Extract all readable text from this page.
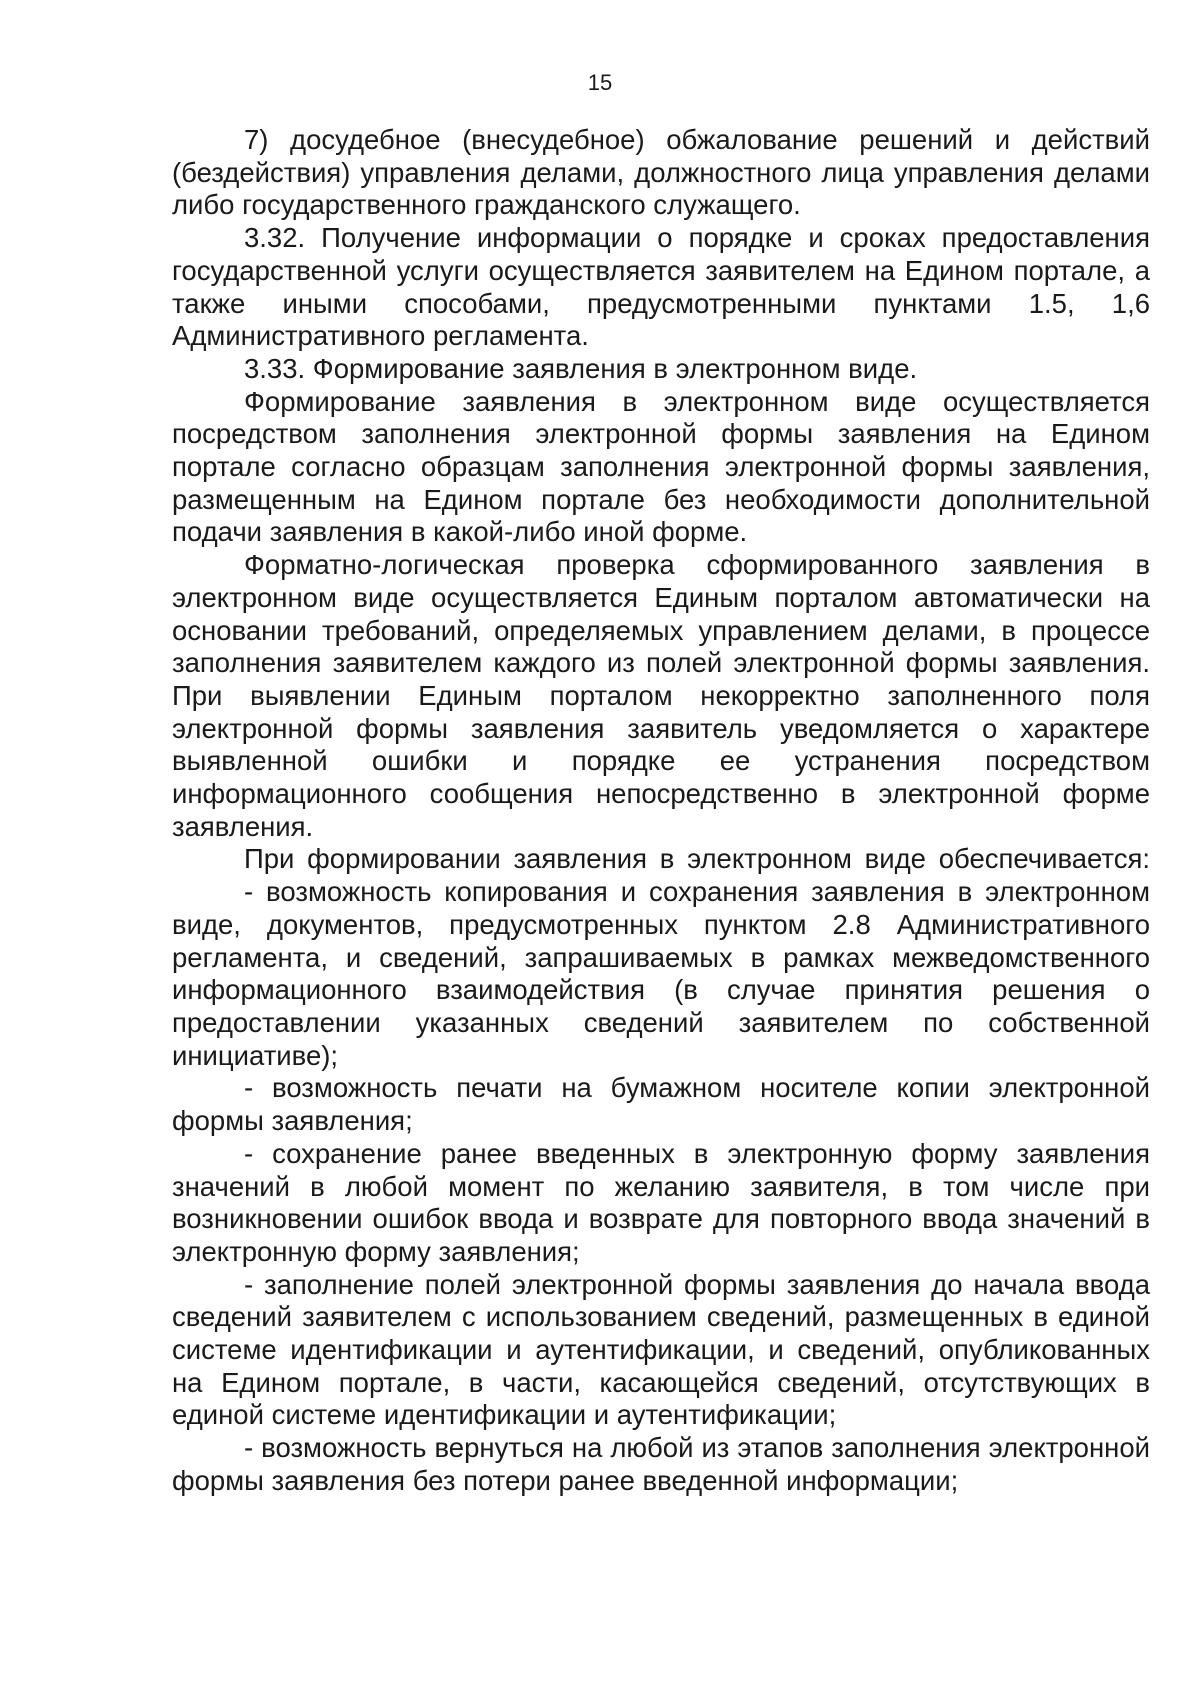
15

7) досудебное (внесудебное) обжалование решений и действий (бездействия) управления делами, должностного лица управления делами либо государственного гражданского служащего.

3.32. Получение информации о порядке и сроках предоставления государственной услуги осуществляется заявителем на Едином портале, а также иными способами, предусмотренными пунктами 1.5, 1,6 Административного регламента.

3.33. Формирование заявления в электронном виде.

Формирование заявления в электронном виде осуществляется посредством заполнения электронной формы заявления на Едином портале согласно образцам заполнения электронной формы заявления, размещенным на Едином портале без необходимости дополнительной подачи заявления в какой-либо иной форме.

Форматно-логическая проверка сформированного заявления в электронном виде осуществляется Единым порталом автоматически на основании требований, определяемых управлением делами, в процессе заполнения заявителем каждого из полей электронной формы заявления. При выявлении Единым порталом некорректно заполненного поля электронной формы заявления заявитель уведомляется о характере выявленной ошибки и порядке ее устранения посредством информационного сообщения непосредственно в электронной форме заявления.

При формировании заявления в электронном виде обеспечивается:

- возможность копирования и сохранения заявления в электронном виде, документов, предусмотренных пунктом 2.8 Административного регламента, и сведений, запрашиваемых в рамках межведомственного информационного взаимодействия (в случае принятия решения о предоставлении указанных сведений заявителем по собственной инициативе);

- возможность печати на бумажном носителе копии электронной формы заявления;

- сохранение ранее введенных в электронную форму заявления значений в любой момент по желанию заявителя, в том числе при возникновении ошибок ввода и возврате для повторного ввода значений в электронную форму заявления;

- заполнение полей электронной формы заявления до начала ввода сведений заявителем с использованием сведений, размещенных в единой системе идентификации и аутентификации, и сведений, опубликованных на Едином портале, в части, касающейся сведений, отсутствующих в единой системе идентификации и аутентификации;

- возможность вернуться на любой из этапов заполнения электронной формы заявления без потери ранее введенной информации;
